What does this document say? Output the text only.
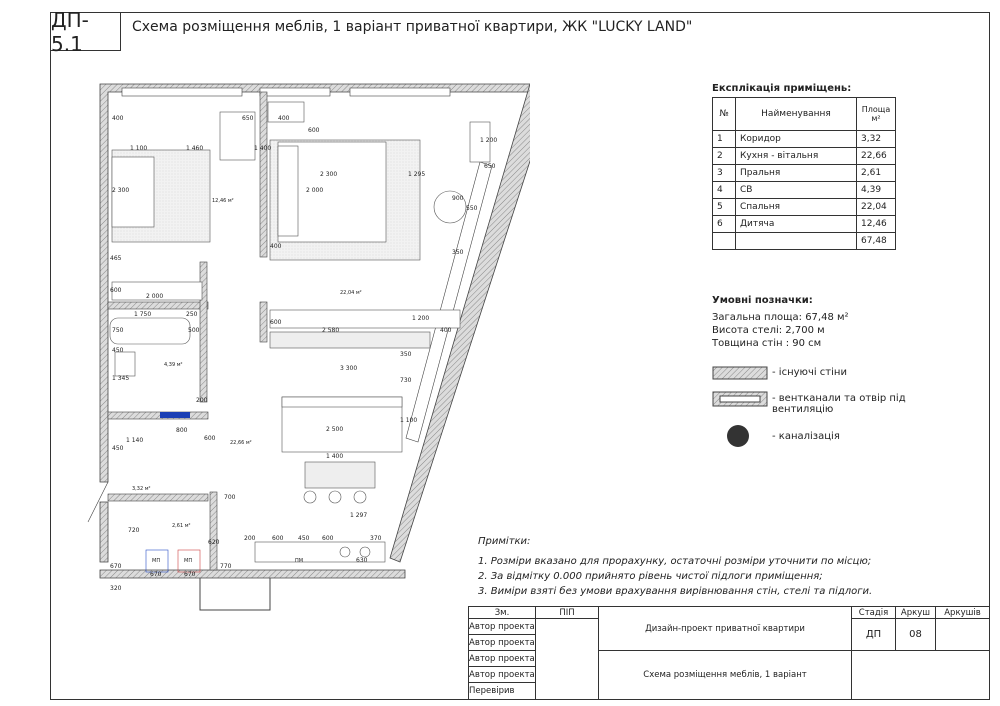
ДП- 5.1
Схема розміщення меблів, 1 варіант приватної квартири, ЖК "LUCKY LAND"
12,46 м²
22,04 м²
4,39 м²
22,66 м²
3,32 м²
2,61 м²
МП	МП	ПМ
400	650	400
600
1 100	1 460	1 400
2 300	1 295
2 300	2 000
1 200
650
900
550
350
400
465
600
2 000
1 750	250
750	500
600
2 580
1 200
400
450
350
3 300
1 345	730
200
800
600
1 140
2 500
1 100
1 400
450
700
1 297
630
720
620
200	600 450 600	370
670	770
670	670
320
Експлікація приміщень:
№	Найменування	Площа м²
1	Коридор	3,32
2	Кухня - вітальня	22,66
3	Пральня	2,61
4	СВ	4,39
5	Спальня	22,04
6	Дитяча	12,46
		67,48
Умовні позначки:
Загальна площа: 67,48 м²
Висота стелі: 2,700 м
Товщина стін : 90 см
- існуючі стіни
- вентканали та отвір під вентиляцію
- каналізація
Примітки:
1. Розміри вказано для прорахунку, остаточні розміри уточнити по місцю;
2. За відмітку 0.000 прийнято рівень чистої підлоги приміщення;
3. Виміри взяті без умови врахування вирівнювання стін, стелі та підлоги.
Зм.	ПІП
Автор проекта
Автор проекта
Автор проекта
Автор проекта
Перевірив
Дизайн-проект приватної квартири
Схема розміщення меблів, 1 варіант
Стадія	Аркуш	Аркушів
ДП	08
